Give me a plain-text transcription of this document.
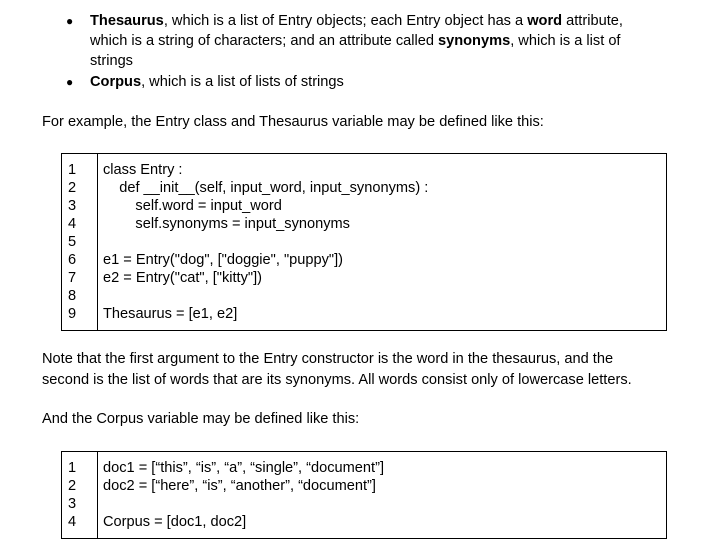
● Thesaurus, which is a list of Entry objects; each Entry object has a word attribute,
which is a string of characters; and an attribute called synonyms, which is a list of
strings
● Corpus, which is a list of lists of strings
For example, the Entry class and Thesaurus variable may be defined like this:
1 class Entry :
2 def __init__(self, input_word, input_synonyms) :
3 self.word = input_word
4 self.synonyms = input_synonyms
5
6 e1 = Entry("dog", ["doggie", "puppy"])
7 e2 = Entry("cat", ["kitty"])
8
9 Thesaurus = [e1, e2]
Note that the first argument to the Entry constructor is the word in the thesaurus, and the
second is the list of words that are its synonyms. All words consist only of lowercase letters.
And the Corpus variable may be defined like this:
1 doc1 = [“this”, “is”, “a”, “single”, “document”]
2 doc2 = [“here”, “is”, “another”, “document”]
3
4 Corpus = [doc1, doc2]
